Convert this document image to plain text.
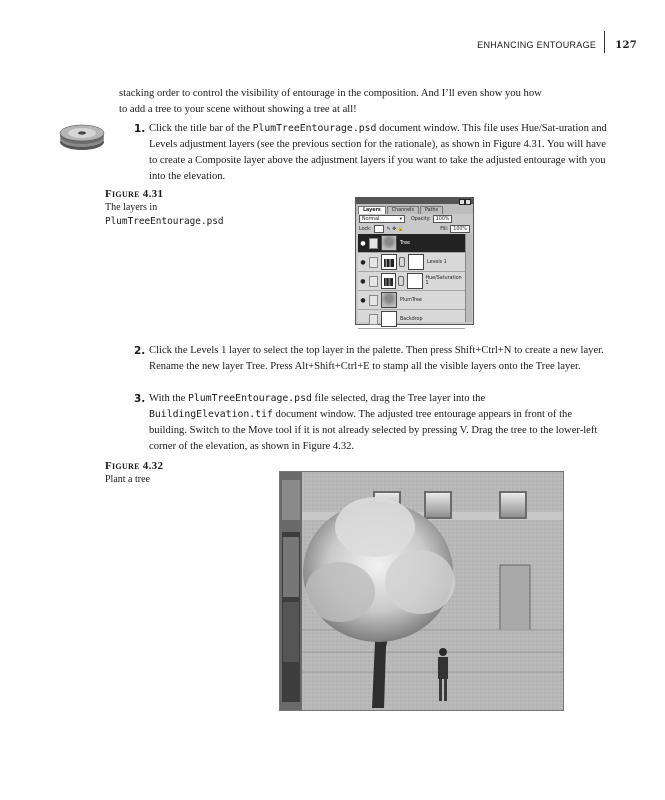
ENHANCING ENTOURAGE	127
stacking order to control the visibility of entourage in the composition. And I’ll even show you how
to add a tree to your scene without showing a tree at all!
1. Click the title bar of the PlumTreeEntourage.psd document window. This file uses Hue/Sat-uration and Levels adjustment layers (see the previous section for the rationale), as shown in Figure 4.31. You will have to create a Composite layer above the adjustment layers if you want to take the adjusted entourage with you into the elevation.
Figure 4.31
The layers in
PlumTreeEntourage.psd
Layers	Channels	Paths
Normal	▾ Opacity:	100%
Lock:	✎ ✥ 🔒	Fill:	100%
●	Tree
●	Levels 1
●	Hue/Saturation 1
●	PlumTree
Backdrop
2. Click the Levels 1 layer to select the top layer in the palette. Then press Shift+Ctrl+N to create a new layer. Rename the new layer Tree. Press Alt+Shift+Ctrl+E to stamp all the visible layers onto the Tree layer.
3. With the PlumTreeEntourage.psd file selected, drag the Tree layer into the BuildingElevation.tif document window. The adjusted tree entourage appears in front of the building. Switch to the Move tool if it is not already selected by pressing V. Drag the tree to the lower-left corner of the elevation, as shown in Figure 4.32.
Figure 4.32
Plant a tree
